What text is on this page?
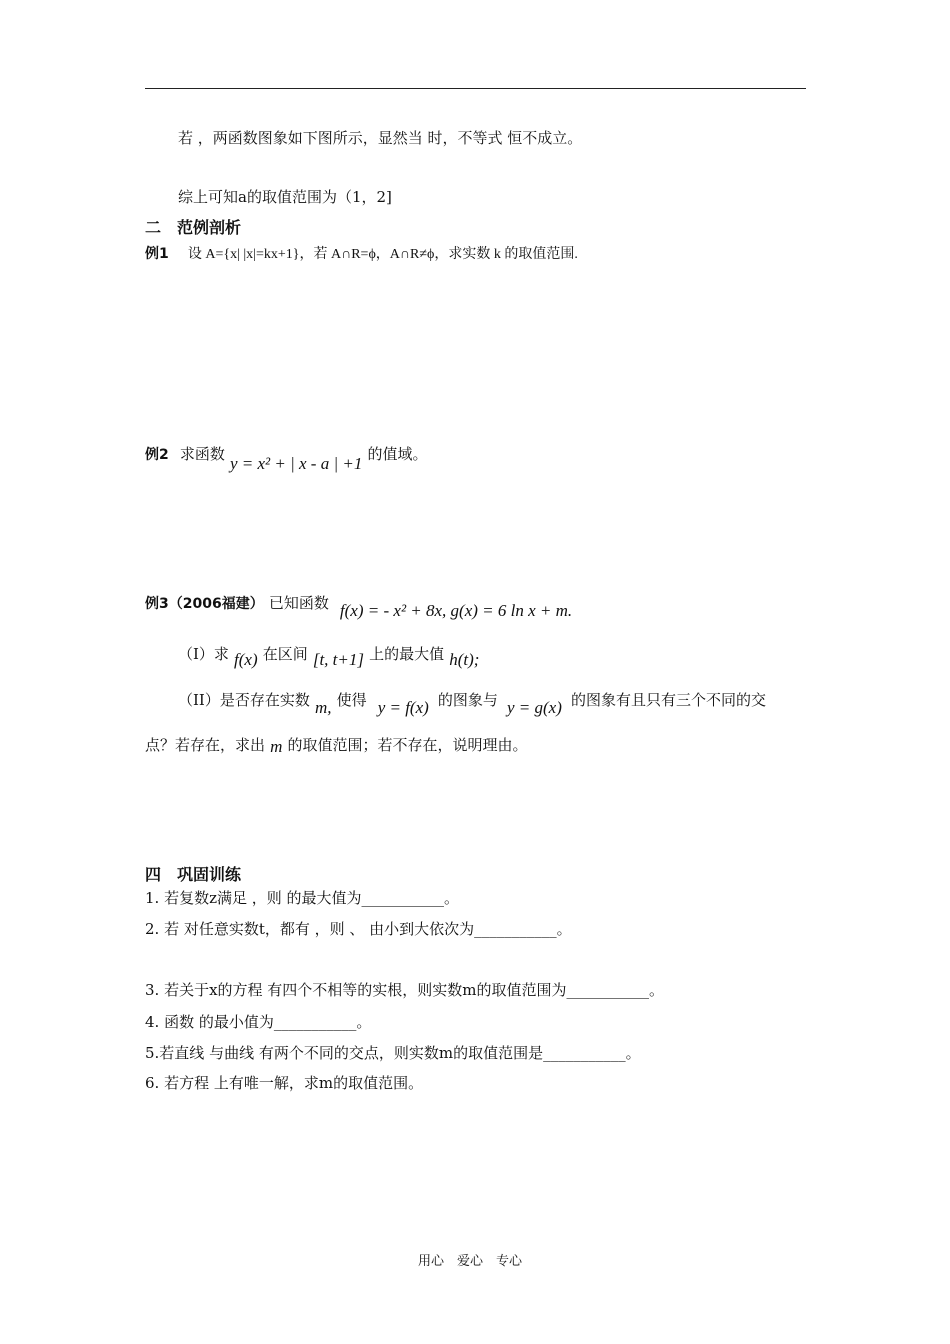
若 ，两函数图象如下图所示，显然当 时，不等式 恒不成立。
综上可知a的取值范围为（1，2]
二　范例剖析
例1 设 A={x| |x|=kx+1}，若 A∩R=ϕ，A∩R≠ϕ，求实数 k 的取值范围.
例2 求函数 y = x² + | x - a | +1 的值域。
例3（2006福建） 已知函数 f(x) = - x² + 8x, g(x) = 6 ln x + m.
（I）求 f(x) 在区间 [t, t+1] 上的最大值 h(t);
（II）是否存在实数 m, 使得 y = f(x) 的图象与 y = g(x) 的图象有且只有三个不同的交
点？若存在，求出 m 的取值范围；若不存在，说明理由。
四　巩固训练
1. 若复数z满足 ，则 的最大值为___________。
2. 若 对任意实数t，都有 ，则 、 由小到大依次为___________。
3. 若关于x的方程 有四个不相等的实根，则实数m的取值范围为___________。
4. 函数 的最小值为___________。
5.若直线 与曲线 有两个不同的交点，则实数m的取值范围是___________。
6. 若方程 上有唯一解，求m的取值范围。
用心　爱心　专心
